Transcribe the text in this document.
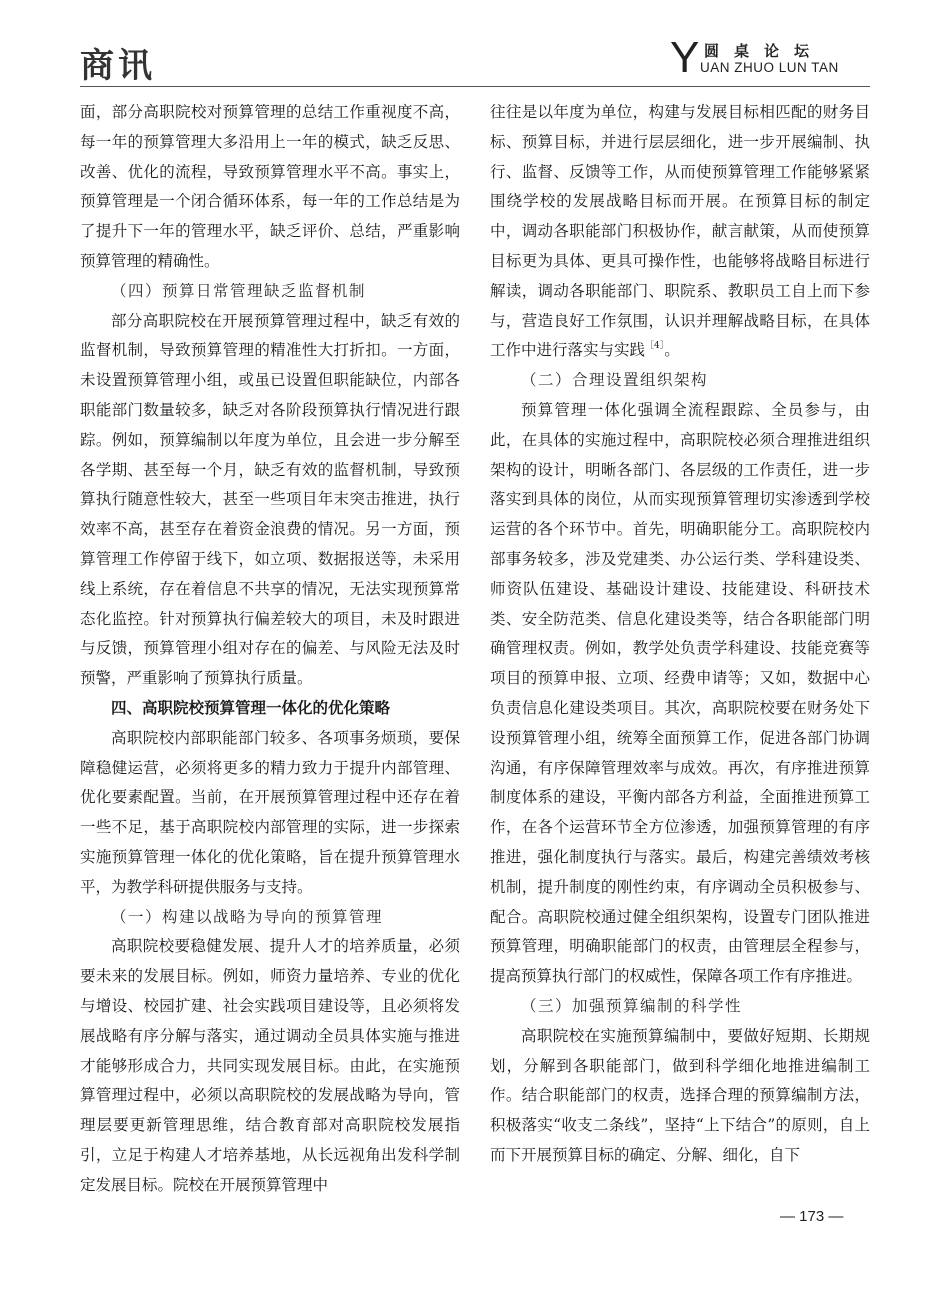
商讯	Y 圆桌论坛
UAN ZHUO LUN TAN

面，部分高职院校对预算管理的总结工作重视度不高，每一年的预算管理大多沿用上一年的模式，缺乏反思、改善、优化的流程，导致预算管理水平不高。事实上，预算管理是一个闭合循环体系，每一年的工作总结是为了提升下一年的管理水平，缺乏评价、总结，严重影响预算管理的精确性。

（四）预算日常管理缺乏监督机制

部分高职院校在开展预算管理过程中，缺乏有效的监督机制，导致预算管理的精准性大打折扣。一方面，未设置预算管理小组，或虽已设置但职能缺位，内部各职能部门数量较多，缺乏对各阶段预算执行情况进行跟踪。例如，预算编制以年度为单位，且会进一步分解至各学期、甚至每一个月，缺乏有效的监督机制，导致预算执行随意性较大，甚至一些项目年末突击推进，执行效率不高，甚至存在着资金浪费的情况。另一方面，预算管理工作停留于线下，如立项、数据报送等，未采用线上系统，存在着信息不共享的情况，无法实现预算常态化监控。针对预算执行偏差较大的项目，未及时跟进与反馈，预算管理小组对存在的偏差、与风险无法及时预警，严重影响了预算执行质量。

四、高职院校预算管理一体化的优化策略

高职院校内部职能部门较多、各项事务烦琐，要保障稳健运营，必须将更多的精力致力于提升内部管理、优化要素配置。当前，在开展预算管理过程中还存在着一些不足，基于高职院校内部管理的实际，进一步探索实施预算管理一体化的优化策略，旨在提升预算管理水平，为教学科研提供服务与支持。

（一）构建以战略为导向的预算管理

高职院校要稳健发展、提升人才的培养质量，必须要未来的发展目标。例如，师资力量培养、专业的优化与增设、校园扩建、社会实践项目建设等，且必须将发展战略有序分解与落实，通过调动全员具体实施与推进才能够形成合力，共同实现发展目标。由此，在实施预算管理过程中，必须以高职院校的发展战略为导向，管理层要更新管理思维，结合教育部对高职院校发展指引，立足于构建人才培养基地，从长远视角出发科学制定发展目标。院校在开展预算管理中

往往是以年度为单位，构建与发展目标相匹配的财务目标、预算目标，并进行层层细化，进一步开展编制、执行、监督、反馈等工作，从而使预算管理工作能够紧紧围绕学校的发展战略目标而开展。在预算目标的制定中，调动各职能部门积极协作，献言献策，从而使预算目标更为具体、更具可操作性，也能够将战略目标进行解读，调动各职能部门、职院系、教职员工自上而下参与，营造良好工作氛围，认识并理解战略目标，在具体工作中进行落实与实践$^{[4]}$。

（二）合理设置组织架构

预算管理一体化强调全流程跟踪、全员参与，由此，在具体的实施过程中，高职院校必须合理推进组织架构的设计，明晰各部门、各层级的工作责任，进一步落实到具体的岗位，从而实现预算管理切实渗透到学校运营的各个环节中。首先，明确职能分工。高职院校内部事务较多，涉及党建类、办公运行类、学科建设类、师资队伍建设、基础设计建设、技能建设、科研技术类、安全防范类、信息化建设类等，结合各职能部门明确管理权责。例如，教学处负责学科建设、技能竞赛等项目的预算申报、立项、经费申请等；又如，数据中心负责信息化建设类项目。其次，高职院校要在财务处下设预算管理小组，统筹全面预算工作，促进各部门协调沟通，有序保障管理效率与成效。再次，有序推进预算制度体系的建设，平衡内部各方利益，全面推进预算工作，在各个运营环节全方位渗透，加强预算管理的有序推进，强化制度执行与落实。最后，构建完善绩效考核机制，提升制度的刚性约束，有序调动全员积极参与、配合。高职院校通过健全组织架构，设置专门团队推进预算管理，明确职能部门的权责，由管理层全程参与，提高预算执行部门的权威性，保障各项工作有序推进。

（三）加强预算编制的科学性

高职院校在实施预算编制中，要做好短期、长期规划，分解到各职能部门，做到科学细化地推进编制工作。结合职能部门的权责，选择合理的预算编制方法，积极落实“收支二条线”，坚持“上下结合”的原则，自上而下开展预算目标的确定、分解、细化，自下

— 173 —
